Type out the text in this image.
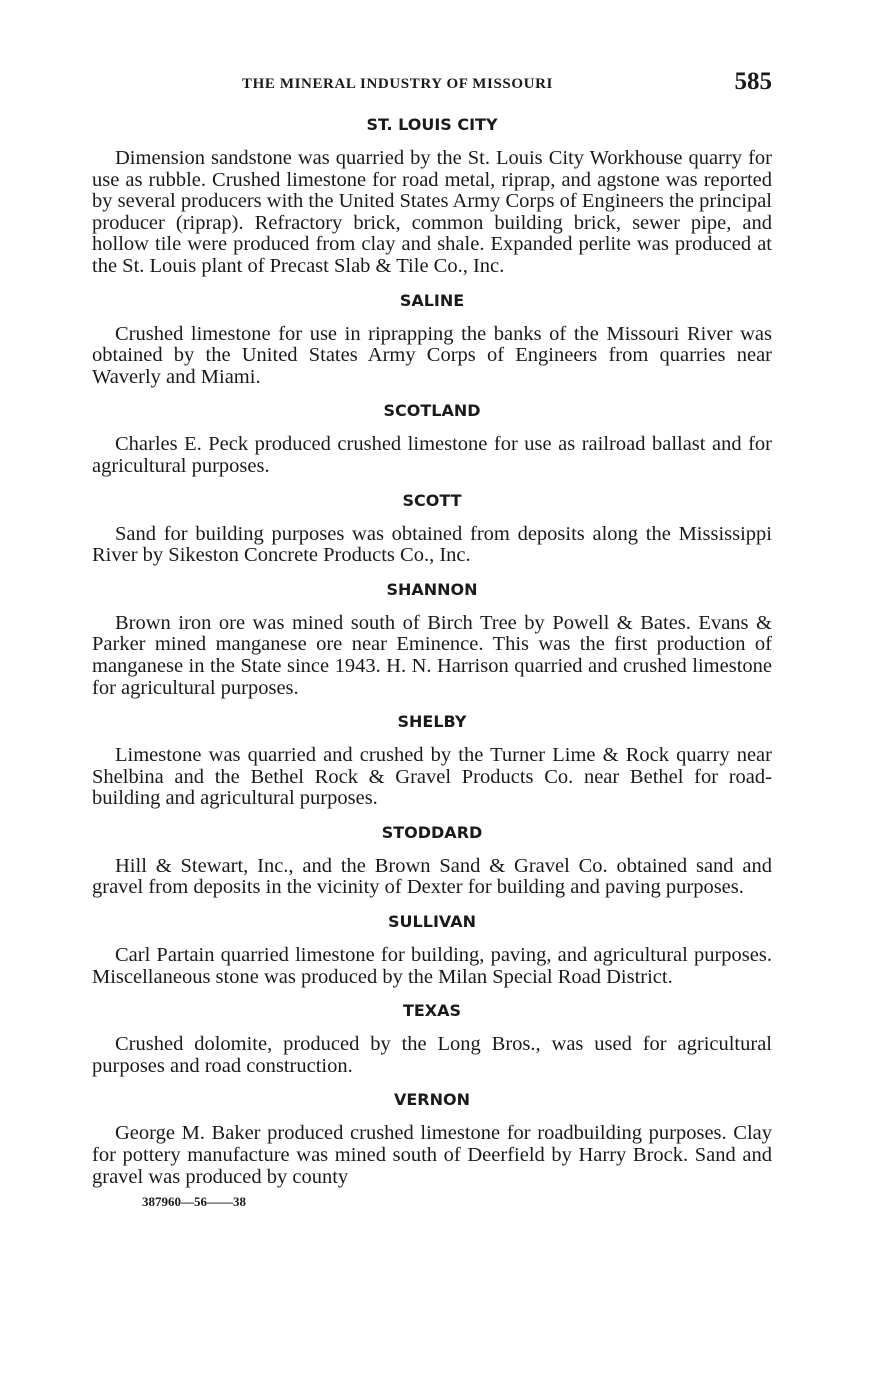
THE MINERAL INDUSTRY OF MISSOURI	585
ST. LOUIS CITY

Dimension sandstone was quarried by the St. Louis City Workhouse quarry for use as rubble. Crushed limestone for road metal, riprap, and agstone was reported by several producers with the United States Army Corps of Engineers the principal producer (riprap). Refractory brick, common building brick, sewer pipe, and hollow tile were produced from clay and shale. Expanded perlite was produced at the St. Louis plant of Precast Slab & Tile Co., Inc.

SALINE

Crushed limestone for use in riprapping the banks of the Missouri River was obtained by the United States Army Corps of Engineers from quarries near Waverly and Miami.

SCOTLAND

Charles E. Peck produced crushed limestone for use as railroad ballast and for agricultural purposes.

SCOTT

Sand for building purposes was obtained from deposits along the Mississippi River by Sikeston Concrete Products Co., Inc.

SHANNON

Brown iron ore was mined south of Birch Tree by Powell & Bates. Evans & Parker mined manganese ore near Eminence. This was the first production of manganese in the State since 1943. H. N. Harrison quarried and crushed limestone for agricultural purposes.

SHELBY

Limestone was quarried and crushed by the Turner Lime & Rock quarry near Shelbina and the Bethel Rock & Gravel Products Co. near Bethel for road-building and agricultural purposes.

STODDARD

Hill & Stewart, Inc., and the Brown Sand & Gravel Co. obtained sand and gravel from deposits in the vicinity of Dexter for building and paving purposes.

SULLIVAN

Carl Partain quarried limestone for building, paving, and agricultural purposes. Miscellaneous stone was produced by the Milan Special Road District.

TEXAS

Crushed dolomite, produced by the Long Bros., was used for agricultural purposes and road construction.

VERNON

George M. Baker produced crushed limestone for roadbuilding purposes. Clay for pottery manufacture was mined south of Deerfield by Harry Brock. Sand and gravel was produced by county

387960—56——38
